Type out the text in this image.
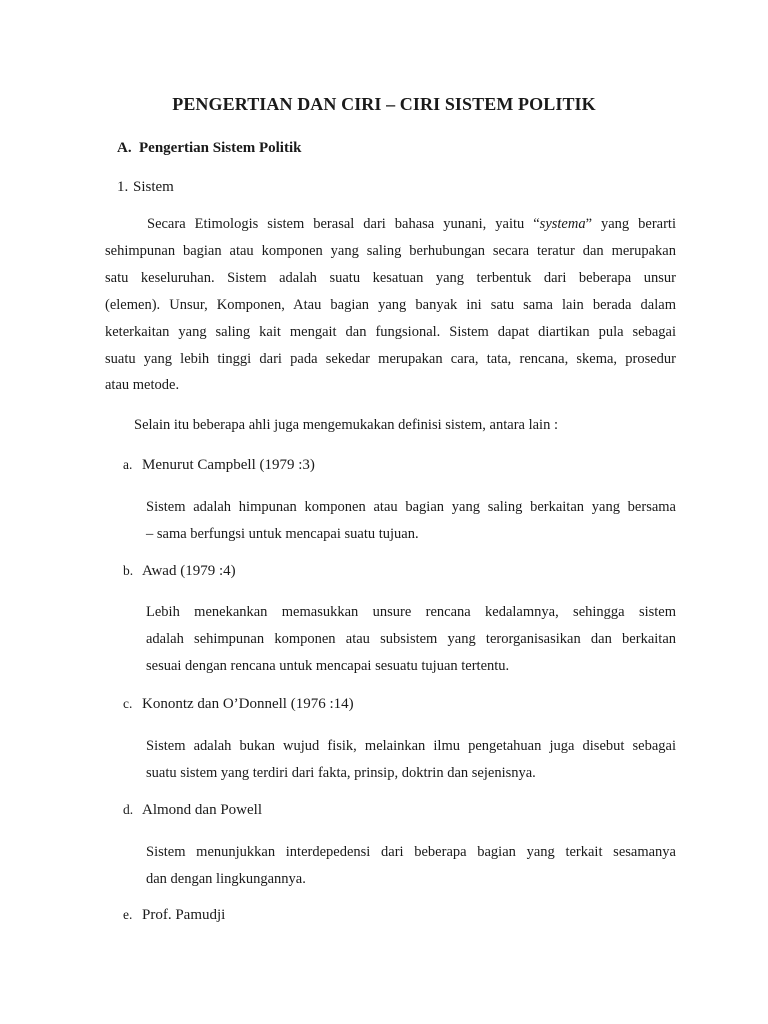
PENGERTIAN DAN CIRI – CIRI SISTEM POLITIK
A. Pengertian Sistem Politik
1. Sistem
Secara Etimologis sistem berasal dari bahasa yunani, yaitu “systema” yang berarti
sehimpunan bagian atau komponen yang saling berhubungan secara teratur dan merupakan
satu keseluruhan. Sistem adalah suatu kesatuan yang terbentuk dari beberapa unsur
(elemen). Unsur, Komponen, Atau bagian yang banyak ini satu sama lain berada dalam
keterkaitan yang saling kait mengait dan fungsional. Sistem dapat diartikan pula sebagai
suatu yang lebih tinggi dari pada sekedar merupakan cara, tata, rencana, skema, prosedur
atau metode.
Selain itu beberapa ahli juga mengemukakan definisi sistem, antara lain :
a. Menurut Campbell (1979 :3)
Sistem adalah himpunan komponen atau bagian yang saling berkaitan yang bersama
– sama berfungsi untuk mencapai suatu tujuan.
b. Awad (1979 :4)
Lebih menekankan memasukkan unsure rencana kedalamnya, sehingga sistem
adalah sehimpunan komponen atau subsistem yang terorganisasikan dan berkaitan
sesuai dengan rencana untuk mencapai sesuatu tujuan tertentu.
c. Konontz dan O’Donnell (1976 :14)
Sistem adalah bukan wujud fisik, melainkan ilmu pengetahuan juga disebut sebagai
suatu sistem yang terdiri dari fakta, prinsip, doktrin dan sejenisnya.
d. Almond dan Powell
Sistem menunjukkan interdepedensi dari beberapa bagian yang terkait sesamanya
dan dengan lingkungannya.
e. Prof. Pamudji
